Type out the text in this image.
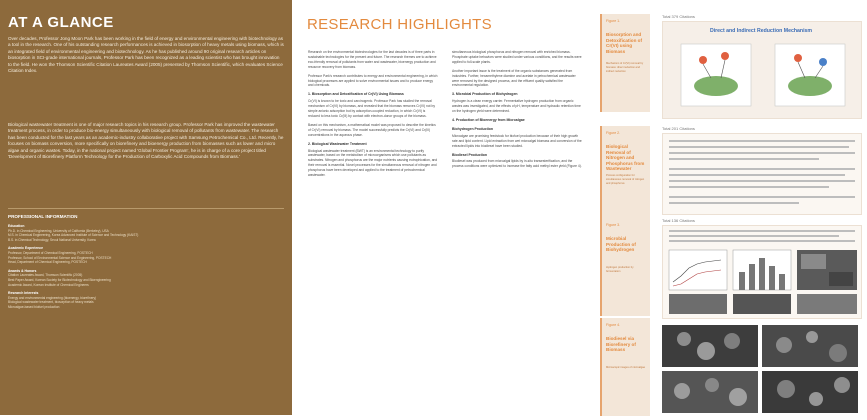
AT A GLANCE
Over decades, Professor Jong Moon Park has been working in the field of energy and environmental engineering with biotechnology as a tool in the research. One of his outstanding research performances is achieved in biosorption of heavy metals using biomass, which is an integrated field of environmental engineering and biotechnology. As he has published around 90 original research articles on biosorption in SCI-grade international journals, Professor Park has been recognized as a leading scientist who has brought innovation to the field. He won the Thomson Scientific Citation Laureates Award (2005) presented by Thomson Scientific, which evaluates Science Citation Index.
Biological wastewater treatment is one of major research topics in his research group. Professor Park has improved the wastewater treatment process, in order to produce bio-energy simultaneously with biological removal of pollutants from wastewater. The research has been conducted for the last years as an academic-industry collaborative project with Samsung Petrochemical Co., Ltd. Recently, he focuses on biomass conversion, more specifically on biorefinery and bioenergy production from biomasses such as lower and micro algae and organic wastes. Today, in the national project named 'Global Frontier Program', he is in charge of a core project titled 'Development of Biorefinery Platform Technology for the Production of Carboxylic Acid Compounds from Biomass.'
PROFESSIONAL INFORMATION
Education
Ph.D. in Chemical Engineering, University of California (Berkeley), USA
M.S. in Chemical Engineering, Korea Advanced Institute of Science and Technology (KAIST)
B.S. in Chemical Technology, Seoul National University, Korea
Academic Experience
Professor, Department of Chemical Engineering, POSTECH
Professor, School of Environmental Science and Engineering, POSTECH
Head, Department of Chemical Engineering, POSTECH
Awards & Honors
Citation Laureates Award, Thomson Scientific (2005)
Best Paper Award, Korean Society for Biotechnology and Bioengineering
Academic Award, Korean Institute of Chemical Engineers
Research Interests
Energy and environmental engineering (bioenergy, biorefinery)
Biological wastewater treatment, biosorption of heavy metals
Microalgae-based biofuel production
RESEARCH HIGHLIGHTS

Research on the environmental biotechnologies for the last decades is of three parts in sustainable technologies for the present and future. The research themes are to achieve eco-friendly removal of pollutants from water and wastewater, bioenergy production and resource recovery from biomass.

Professor Park's research contributes to energy and environmental engineering, in which biological processes are applied to solve environmental issues and to produce energy and chemicals.

1. Biosorption and Detoxification of Cr(VI) Using Biomass

Cr(VI) is known to be toxic and carcinogenic. Professor Park has studied the removal mechanism of Cr(VI) by biomass, and revealed that the biomass removes Cr(VI) not by simple anionic adsorption but by adsorption-coupled reduction, in which Cr(VI) is reduced to less toxic Cr(III) by contact with electron-donor groups of the biomass.

Based on this mechanism, a mathematical model was proposed to describe the kinetics of Cr(VI) removal by biomass. The model successfully predicts the Cr(VI) and Cr(III) concentrations in the aqueous phase.

2. Biological Wastewater Treatment

Biological wastewater treatment (BWT) is an environmental technology to purify wastewater, based on the metabolism of microorganisms which use pollutants as substrates. Nitrogen and phosphorus are the major nutrients causing eutrophication, and their removal is essential. Novel processes for the simultaneous removal of nitrogen and phosphorus have been developed and applied to the treatment of petrochemical wastewater.

simultaneous biological phosphorus and nitrogen removal with enriched biomass. Phosphate uptake behaviors were studied under various conditions, and the results were applied to full-scale plants.

Another important issue is the treatment of the organic substances generated from industries. Further, hexamethylene diamine and acetate in petrochemical wastewater were removed by the designed process, and the effluent quality satisfied the environmental regulation.

3. Microbial Production of Biohydrogen

Hydrogen is a clean energy carrier. Fermentative hydrogen production from organic wastes was investigated, and the effects of pH, temperature and hydraulic retention time on the hydrogen yield were determined.

4. Production of Bioenergy from Microalgae
Biohydrogen Production

Microalgae are promising feedstock for biofuel production because of their high growth rate and lipid content. Lipid extraction from wet microalgal biomass and conversion of the extracted lipids into biodiesel have been studied.

Biodiesel Production

Biodiesel was produced from microalgal lipids by in-situ transesterification, and the process conditions were optimized to increase the fatty acid methyl ester yield (Figure 4).

Figure 1.
Biosorption and Detoxification of Cr(VI) using Biomass
Mechanism of Cr(VI) removal by biomass: direct reduction and indirect reduction
Figure 2.
Biological Removal of Nitrogen and Phosphorus from Wastewater
Process configuration for simultaneous removal of nitrogen and phosphorus
Figure 3.
Microbial Production of Biohydrogen
Hydrogen production by fermentation
Figure 4.
Biodiesel via Biorefinery of Biomass
Microscopic images of microalgae
Total 379 Citations
Direct and Indirect Reduction Mechanism
Total 201 Citations
Total 136 Citations
